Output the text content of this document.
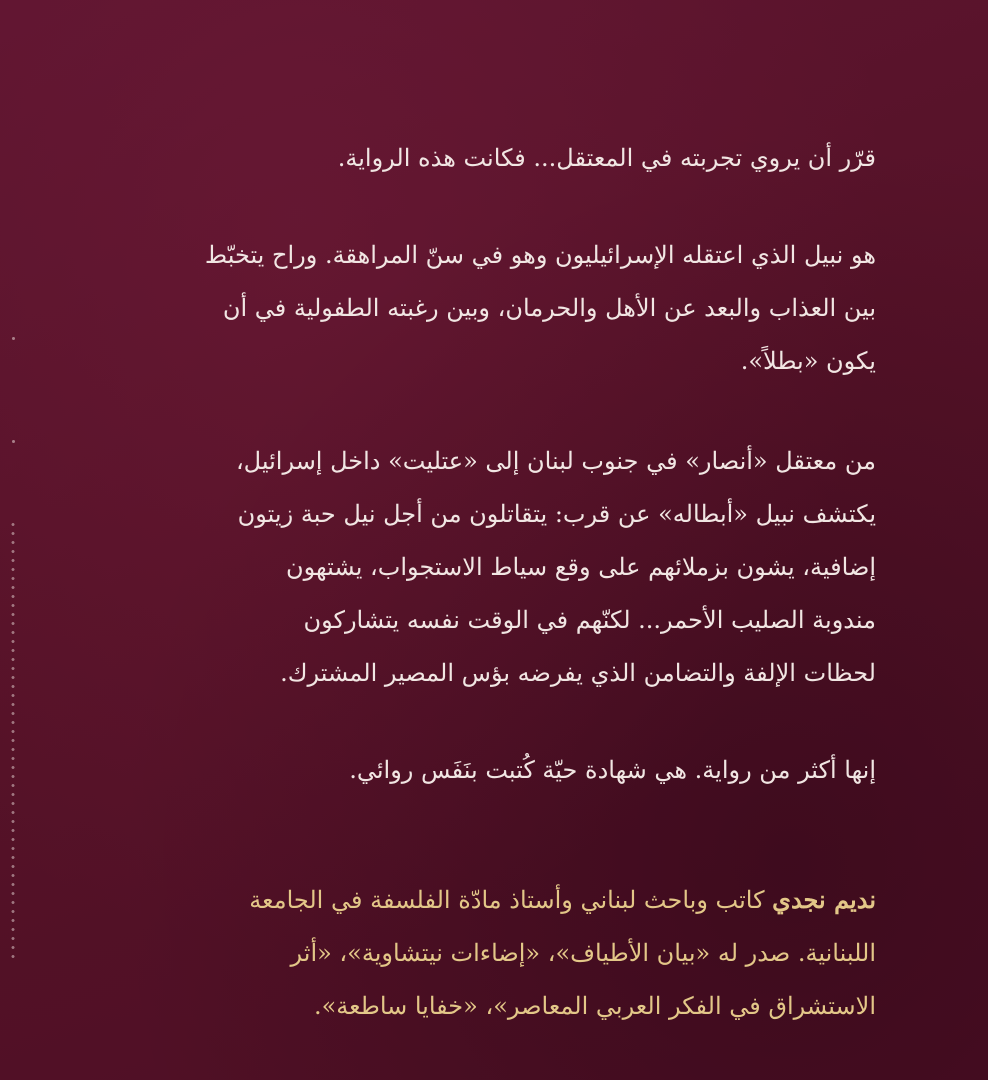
قرّر أن يروي تجربته في المعتقل... فكانت هذه الرواية.

هو نبيل الذي اعتقله الإسرائيليون وهو في سنّ المراهقة. وراح يتخبّط
بين العذاب والبعد عن الأهل والحرمان، وبين رغبته الطفولية في أن
يكون «بطلاً».

من معتقل «أنصار» في جنوب لبنان إلى «عتليت» داخل إسرائيل،
يكتشف نبيل «أبطاله» عن قرب: يتقاتلون من أجل نيل حبة زيتون
إضافية، يشون بزملائهم على وقع سياط الاستجواب، يشتهون
مندوبة الصليب الأحمر... لكنّهم في الوقت نفسه يتشاركون
لحظات الإلفة والتضامن الذي يفرضه بؤس المصير المشترك.

إنها أكثر من رواية. هي شهادة حيّة كُتبت بنَفَس روائي.

نديم نجدي كاتب وباحث لبناني وأستاذ مادّة الفلسفة في الجامعة
اللبنانية. صدر له «بيان الأطياف»، «إضاءات نيتشاوية»، «أثر
الاستشراق في الفكر العربي المعاصر»، «خفايا ساطعة».
